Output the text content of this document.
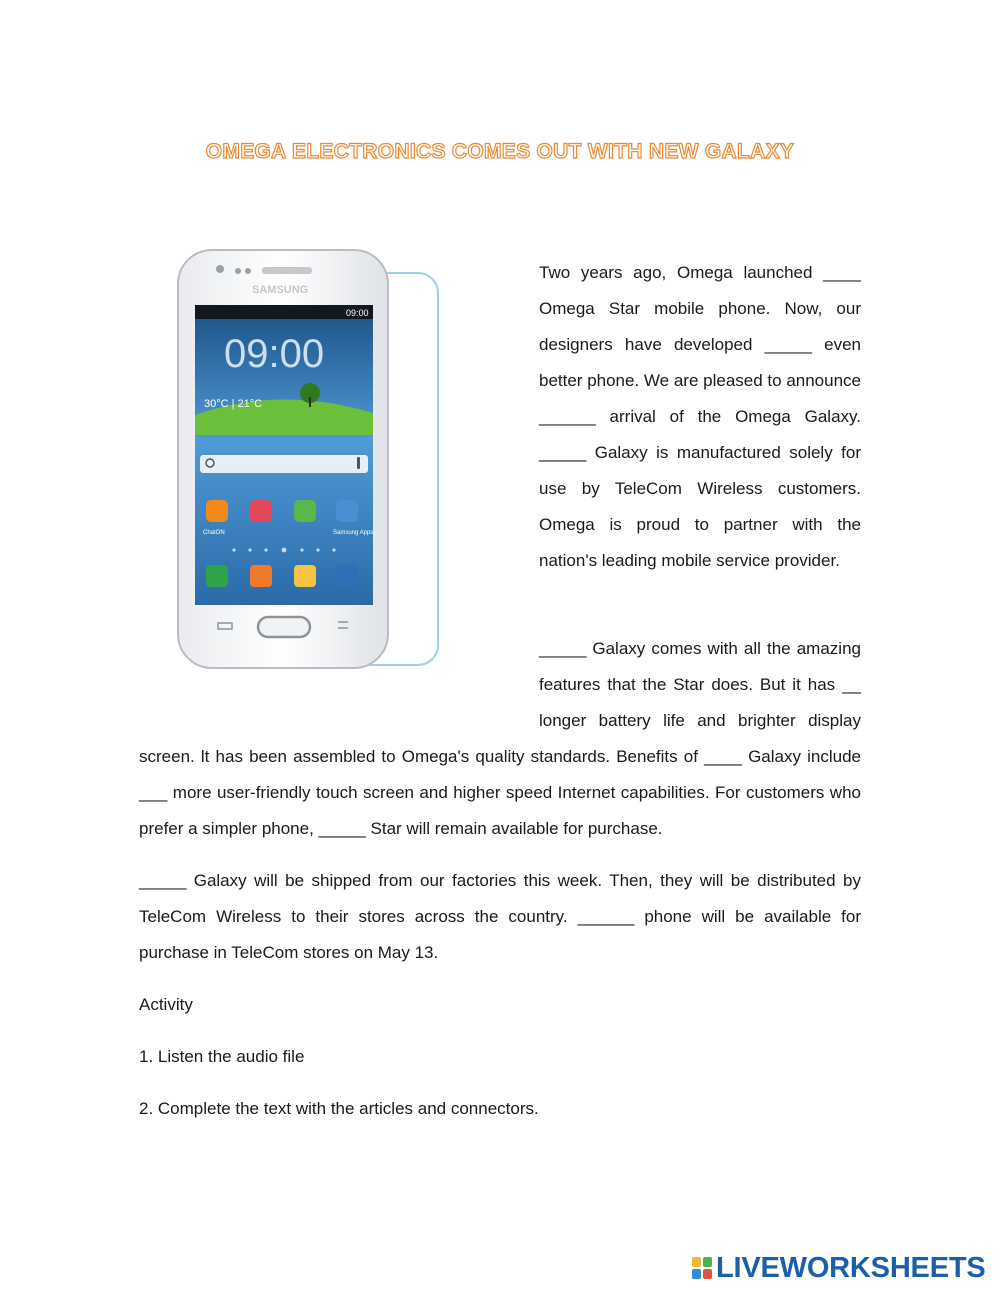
OMEGA ELECTRONICS COMES OUT WITH NEW GALAXY
SAMSUNG
09:00
09:00
30°C | 21°C
ChatON	Samsung Apps

Two years ago, Omega launched ____ Omega Star mobile phone. Now, our designers have developed _____ even better phone. We are pleased to announce ______ arrival of the Omega Galaxy. _____ Galaxy is manufactured solely for use by TeleCom Wireless customers. Omega is proud to partner with the nation's leading mobile service provider.

_____ Galaxy comes with all the amazing
features that the Star does. But it has __
longer battery life and brighter display

screen. lt has been assembled to Omega's quality standards. Benefits of ____ Galaxy include ___ more user-friendly touch screen and higher speed Internet capabilities. For customers who prefer a simpler phone, _____ Star will remain available for purchase.

_____ Galaxy will be shipped from our factories this week. Then, they will be distributed by TeleCom Wireless to their stores across the country. ______ phone will be available for purchase in TeleCom stores on May 13.

Activity
1. Listen the audio file
2. Complete the text with the articles and connectors.
LIVEWORKSHEETS
